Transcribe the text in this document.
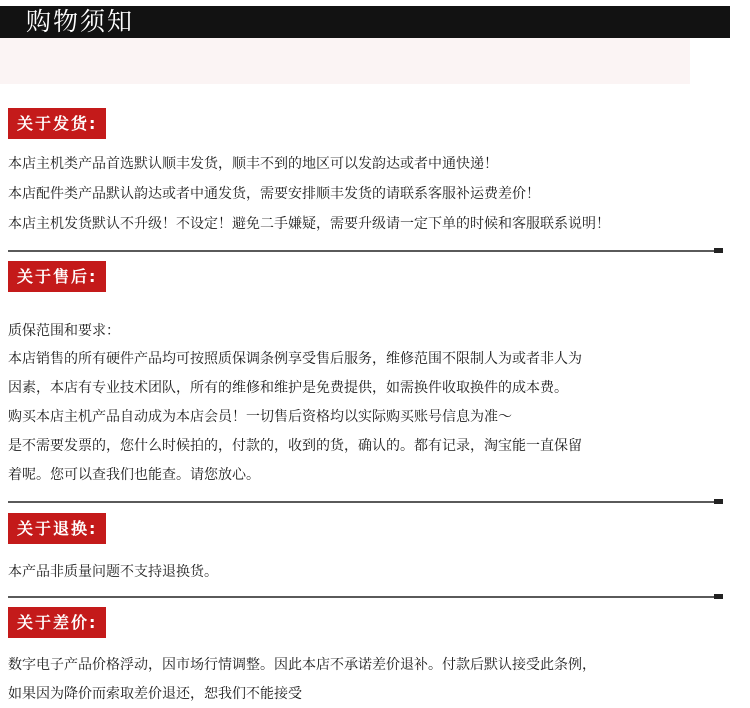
购物须知
关于发货:
本店主机类产品首选默认顺丰发货，顺丰不到的地区可以发韵达或者中通快递！
本店配件类产品默认韵达或者中通发货，需要安排顺丰发货的请联系客服补运费差价！
本店主机发货默认不升级！不设定！避免二手嫌疑，需要升级请一定下单的时候和客服联系说明！
关于售后:
质保范围和要求：
本店销售的所有硬件产品均可按照质保调条例享受售后服务，维修范围不限制人为或者非人为
因素，本店有专业技术团队，所有的维修和维护是免费提供，如需换件收取换件的成本费。
购买本店主机产品自动成为本店会员！一切售后资格均以实际购买账号信息为准～
是不需要发票的，您什么时候拍的，付款的，收到的货，确认的。都有记录，淘宝能一直保留
着呢。您可以查我们也能查。请您放心。
关于退换:
本产品非质量问题不支持退换货。
关于差价:
数字电子产品价格浮动，因市场行情调整。因此本店不承诺差价退补。付款后默认接受此条例，
如果因为降价而索取差价退还，恕我们不能接受
